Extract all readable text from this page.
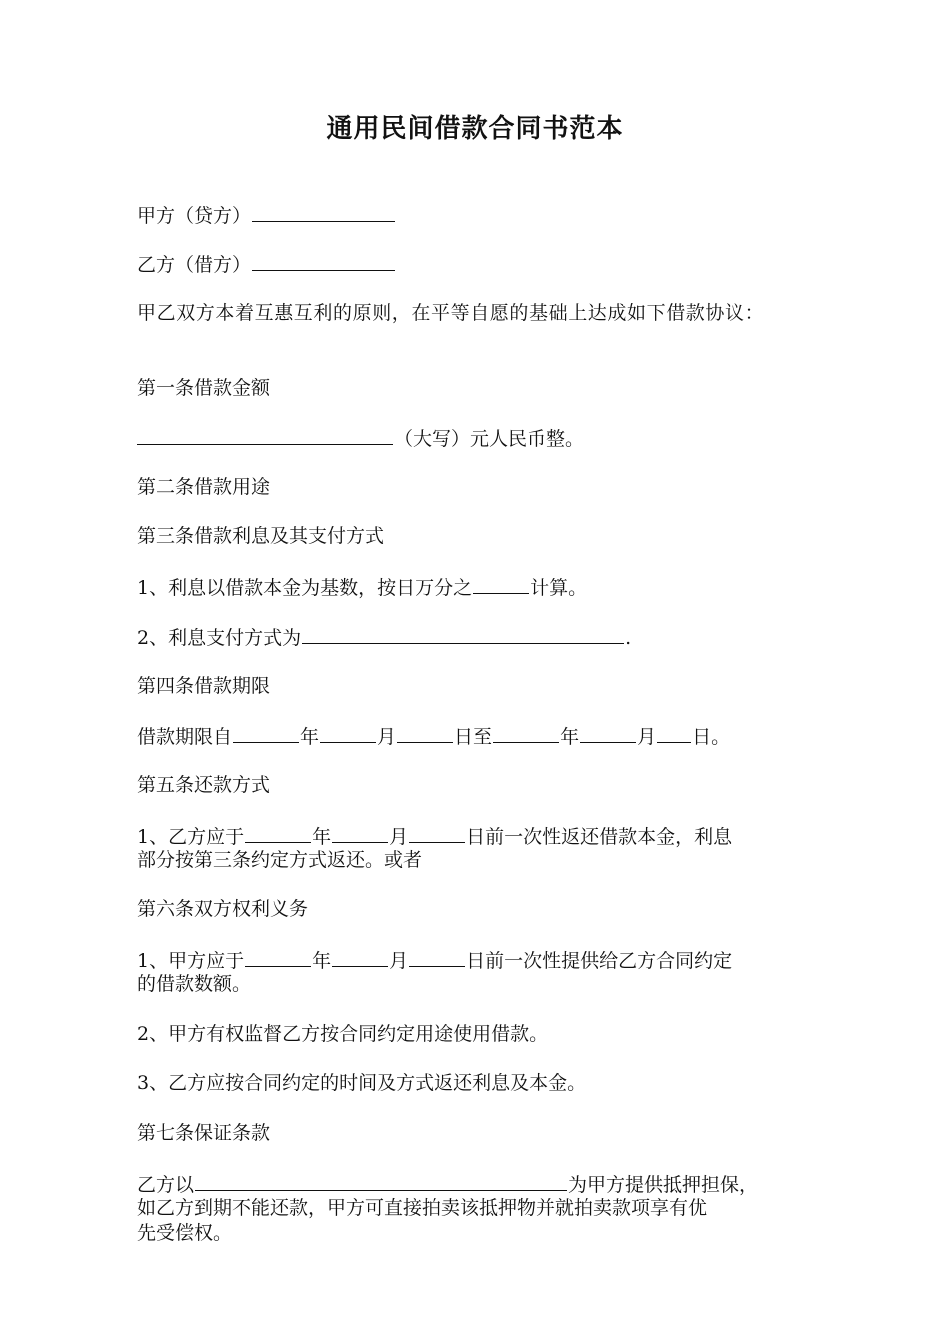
通用民间借款合同书范本
甲方（贷方）
乙方（借方）
甲乙双方本着互惠互利的原则，在平等自愿的基础上达成如下借款协议：
第一条借款金额
（大写）元人民币整。
第二条借款用途
第三条借款利息及其支付方式
1、利息以借款本金为基数，按日万分之	计算。
2、利息支付方式为	.
第四条借款期限
借款期限自	年	月	日至	年	月 日。
第五条还款方式
1、乙方应于	年	月	日前一次性返还借款本金，利息
部分按第三条约定方式返还。或者
第六条双方权利义务
1、甲方应于	年	月	日前一次性提供给乙方合同约定
的借款数额。
2、甲方有权监督乙方按合同约定用途使用借款。
3、乙方应按合同约定的时间及方式返还利息及本金。
第七条保证条款
乙方以	为甲方提供抵押担保，
如乙方到期不能还款，甲方可直接拍卖该抵押物并就拍卖款项享有优
先受偿权。
